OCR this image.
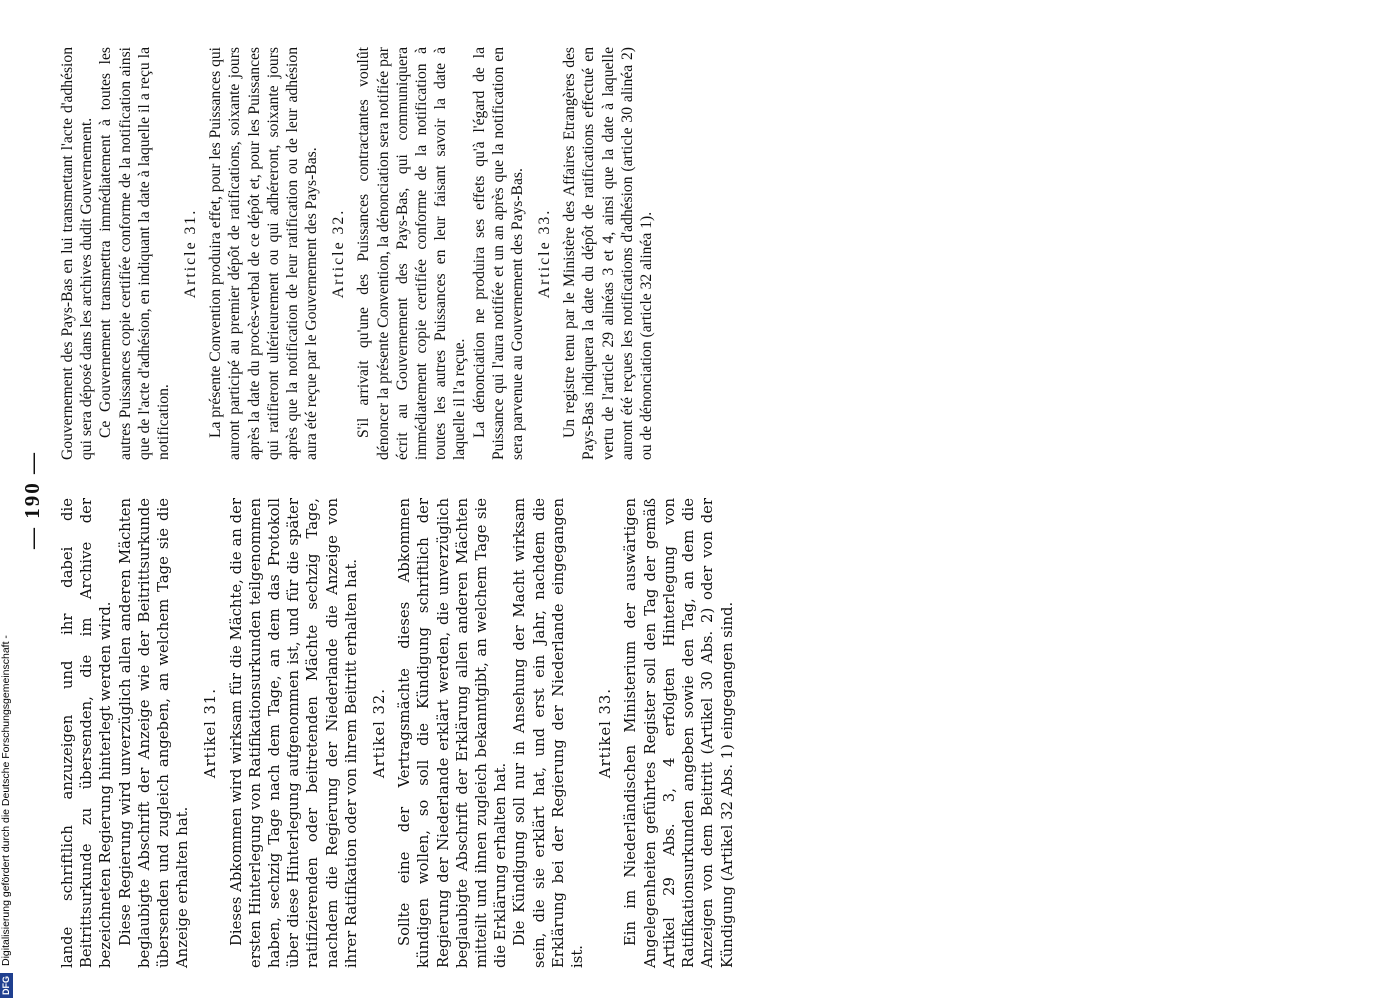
— 190 —

Gouvernement des Pays-Bas en lui transmettant l'acte d'adhésion qui sera déposé dans les archives dudit Gouvernement. Ce Gouvernement transmettra immédiatement à toutes les autres Puissances copie certifiée conforme de la notification ainsi que de l'acte d'adhésion, en indiquant la date à laquelle il a reçu la notification.

Article 31. La présente Convention produira effet, pour les Puissances qui auront participé au premier dépôt de ratifications, soixante jours après la date du procès-verbal de ce dépôt et, pour les Puissances qui ratifieront ultérieurement ou qui adhéreront, soixante jours après que la notification de leur ratification ou de leur adhésion aura été reçue par le Gouvernement des Pays-Bas. Article 32. S'il arrivait qu'une des Puissances contractantes voulût dénoncer la présente Convention, la dénonciation sera notifiée par écrit au Gouvernement des Pays-Bas, qui communiquera immédiatement copie certifiée conforme de la notification à toutes les autres Puissances en leur faisant savoir la date à laquelle il l'a reçue. La dénonciation ne produira ses effets qu'à l'égard de la Puissance qui l'aura notifiée et un an après que la notification en sera parvenue au Gouvernement des Pays-Bas. Article 33. Un registre tenu par le Ministère des Affaires Etrangères des Pays-Bas indiquera la date du dépôt de ratifications effectué en vertu de l'article 29 alinéas 3 et 4, ainsi que la date à laquelle auront été reçues les notifications d'adhésion (article 30 alinéa 2) ou de dénonciation (article 32 alinéa 1).

lande schriftlich anzuzeigen und ihr dabei die Beitrittsurkunde zu übersenden, die im Archive der bezeichneten Regierung hinterlegt werden wird. Diese Regierung wird unverzüglich allen anderen Mächten beglaubigte Abschrift der Anzeige wie der Beitrittsurkunde übersenden und zugleich angeben, an welchem Tage sie die Anzeige erhalten hat.

Artikel 31. Dieses Abkommen wird wirksam für die Mächte, die an der ersten Hinterlegung von Ratifikationsurkunden teilgenommen haben, sechzig Tage nach dem Tage, an dem das Protokoll über diese Hinterlegung aufgenommen ist, und für die später ratifizierenden oder beitretenden Mächte sechzig Tage, nachdem die Regierung der Niederlande die Anzeige von ihrer Ratifikation oder von ihrem Beitritt erhalten hat. Artikel 32. Sollte eine der Vertragsmächte dieses Abkommen kündigen wollen, so soll die Kündigung schriftlich der Regierung der Niederlande erklärt werden, die unverzüglich beglaubigte Abschrift der Erklärung allen anderen Mächten mitteilt und ihnen zugleich bekanntgibt, an welchem Tage sie die Erklärung erhalten hat. Die Kündigung soll nur in Ansehung der Macht wirksam sein, die sie erklärt hat, und erst ein Jahr, nachdem die Erklärung bei der Regierung der Niederlande eingegangen ist.

Artikel 33. Ein im Niederländischen Ministerium der auswärtigen Angelegenheiten geführtes Register soll den Tag der gemäß Artikel 29 Abs. 3, 4 erfolgten Hinterlegung von Ratifikationsurkunden angeben sowie den Tag, an dem die Anzeigen von dem Beitritt (Artikel 30 Abs. 2) oder von der Kündigung (Artikel 32 Abs. 1) eingegangen sind.

DFG
Digitalisierung gefördert durch die Deutsche Forschungsgemeinschaft -
